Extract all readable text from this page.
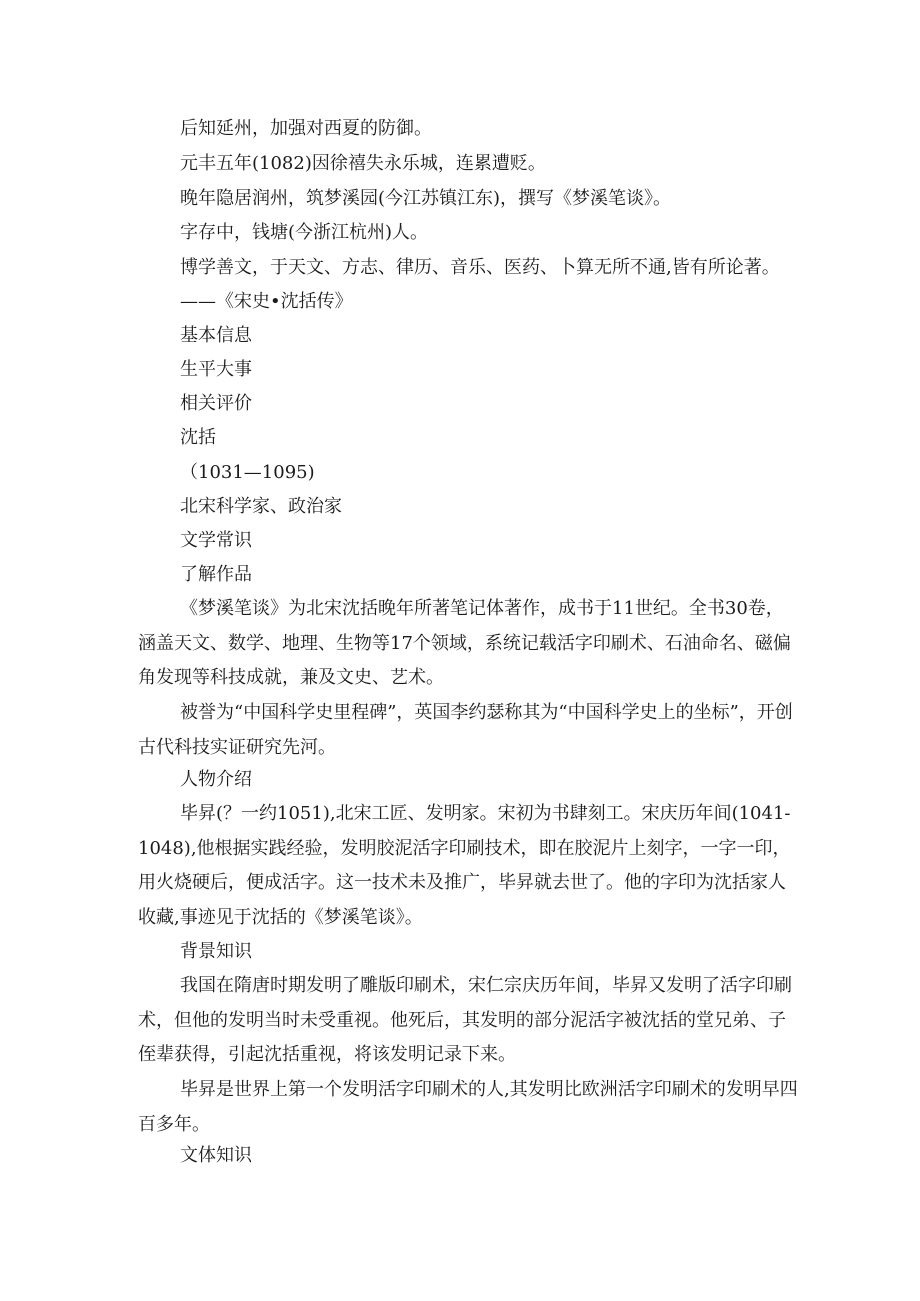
后知延州，加强对西夏的防御。
元丰五年(1082)因徐禧失永乐城，连累遭贬。
晚年隐居润州，筑梦溪园(今江苏镇江东)，撰写《梦溪笔谈》。
字存中，钱塘(今浙江杭州)人。
博学善文，于天文、方志、律历、音乐、医药、卜算无所不通,皆有所论著。
——《宋史•沈括传》
基本信息
生平大事
相关评价
沈括
（1031—1095)
北宋科学家、政治家
文学常识
了解作品
《梦溪笔谈》为北宋沈括晚年所著笔记体著作，成书于11世纪。全书30卷，涵盖天文、数学、地理、生物等17个领域，系统记载活字印刷术、石油命名、磁偏角发现等科技成就，兼及文史、艺术。
被誉为“中国科学史里程碑”，英国李约瑟称其为“中国科学史上的坐标”，开创古代科技实证研究先河。
人物介绍
毕昇(？一约1051),北宋工匠、发明家。宋初为书肆刻工。宋庆历年间(1041-1048),他根据实践经验，发明胶泥活字印刷技术，即在胶泥片上刻字，一字一印，用火烧硬后，便成活字。这一技术未及推广，毕昇就去世了。他的字印为沈括家人收藏,事迹见于沈括的《梦溪笔谈》。
背景知识
我国在隋唐时期发明了雕版印刷术，宋仁宗庆历年间，毕昇又发明了活字印刷术，但他的发明当时未受重视。他死后，其发明的部分泥活字被沈括的堂兄弟、子侄辈获得，引起沈括重视，将该发明记录下来。
毕昇是世界上第一个发明活字印刷术的人,其发明比欧洲活字印刷术的发明早四百多年。
文体知识
